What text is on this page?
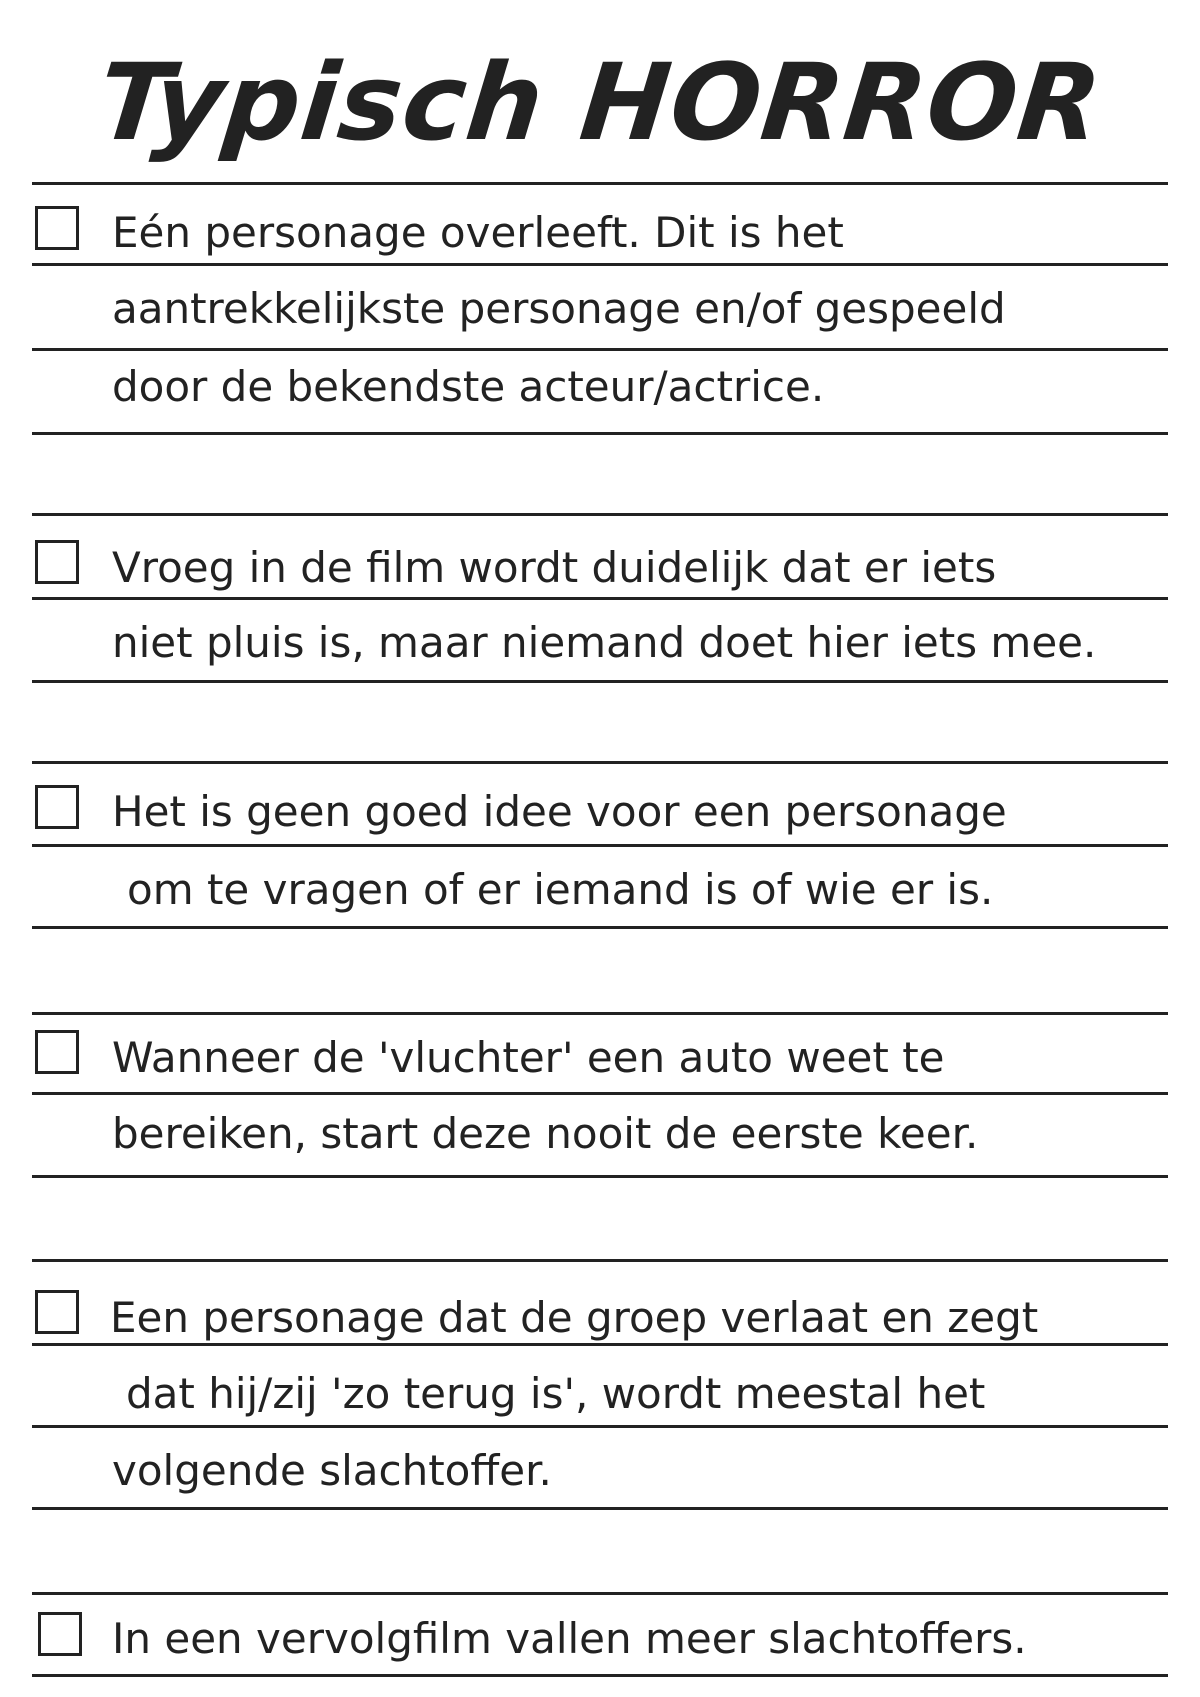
Typisch HORROR
Eén personage overleeft. Dit is het
aantrekkelijkste personage en/of gespeeld
door de bekendste acteur/actrice.
Vroeg in de film wordt duidelijk dat er iets
niet pluis is, maar niemand doet hier iets mee.
Het is geen goed idee voor een personage
om te vragen of er iemand is of wie er is.
Wanneer de 'vluchter' een auto weet te
bereiken, start deze nooit de eerste keer.
Een personage dat de groep verlaat en zegt
dat hij/zij 'zo terug is', wordt meestal het
volgende slachtoffer.
In een vervolgfilm vallen meer slachtoffers.
